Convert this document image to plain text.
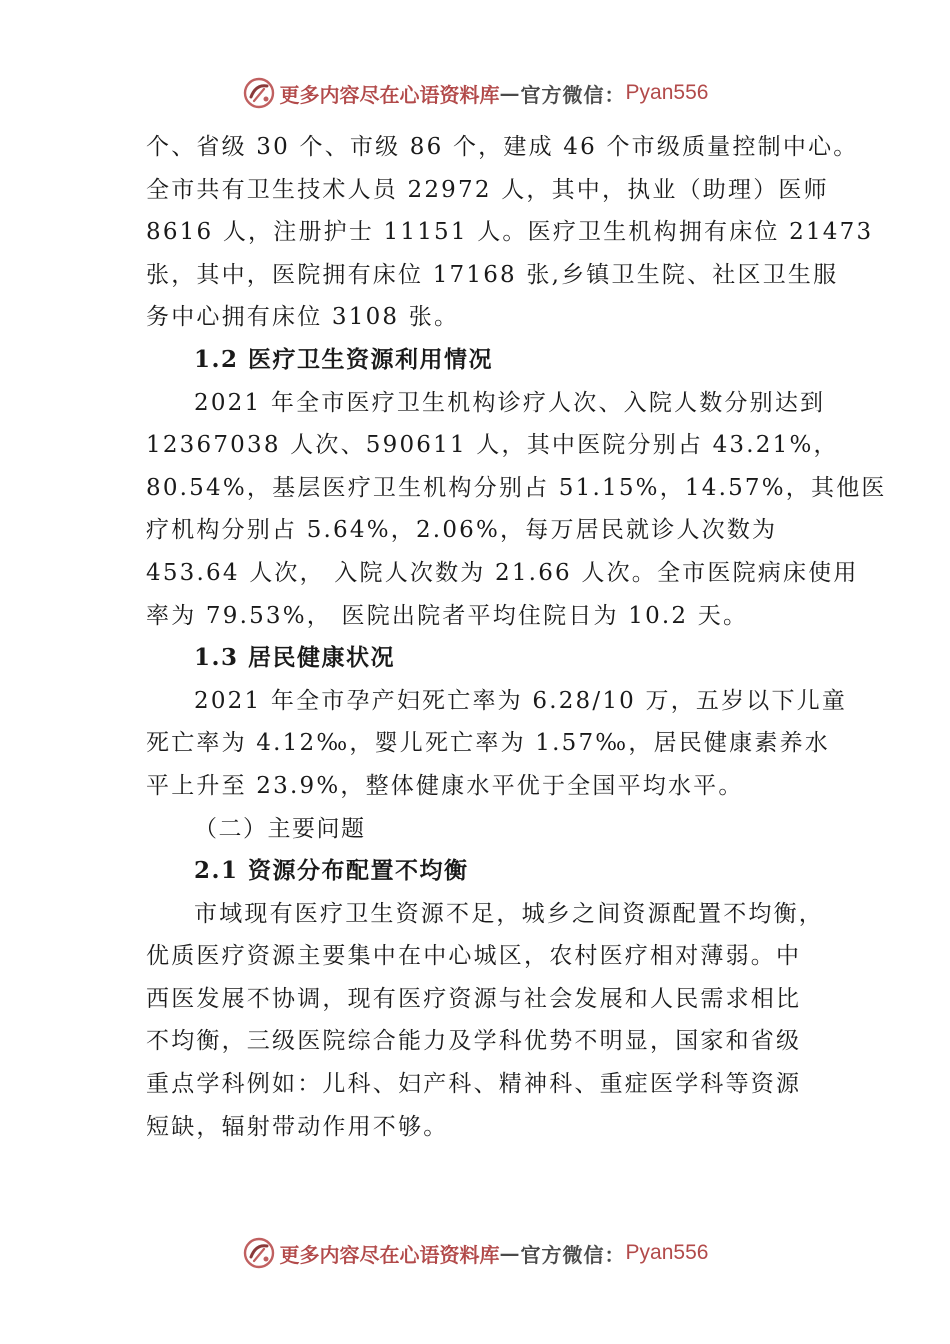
更多内容尽在心语资料库 — 官方微信： Pyan556

个、省级 30 个、市级 86 个，建成 46 个市级质量控制中心。
全市共有卫生技术人员 22972 人，其中，执业（助理）医师
8616 人，注册护士 11151 人。医疗卫生机构拥有床位 21473
张，其中，医院拥有床位 17168 张,乡镇卫生院、社区卫生服
务中心拥有床位 3108 张。

1.2 医疗卫生资源利用情况

2021 年全市医疗卫生机构诊疗人次、入院人数分别达到
12367038 人次、590611 人，其中医院分别占 43.21%，
80.54%，基层医疗卫生机构分别占 51.15%，14.57%，其他医
疗机构分别占 5.64%，2.06%，每万居民就诊人次数为
453.64 人次， 入院人次数为 21.66 人次。全市医院病床使用
率为 79.53%， 医院出院者平均住院日为 10.2 天。

1.3 居民健康状况

2021 年全市孕产妇死亡率为 6.28/10 万，五岁以下儿童
死亡率为 4.12‰，婴儿死亡率为 1.57‰，居民健康素养水
平上升至 23.9%，整体健康水平优于全国平均水平。

（二）主要问题
2.1 资源分布配置不均衡

市域现有医疗卫生资源不足，城乡之间资源配置不均衡，
优质医疗资源主要集中在中心城区，农村医疗相对薄弱。中
西医发展不协调，现有医疗资源与社会发展和人民需求相比
不均衡，三级医院综合能力及学科优势不明显，国家和省级
重点学科例如：儿科、妇产科、精神科、重症医学科等资源
短缺，辐射带动作用不够。

更多内容尽在心语资料库 — 官方微信： Pyan556
